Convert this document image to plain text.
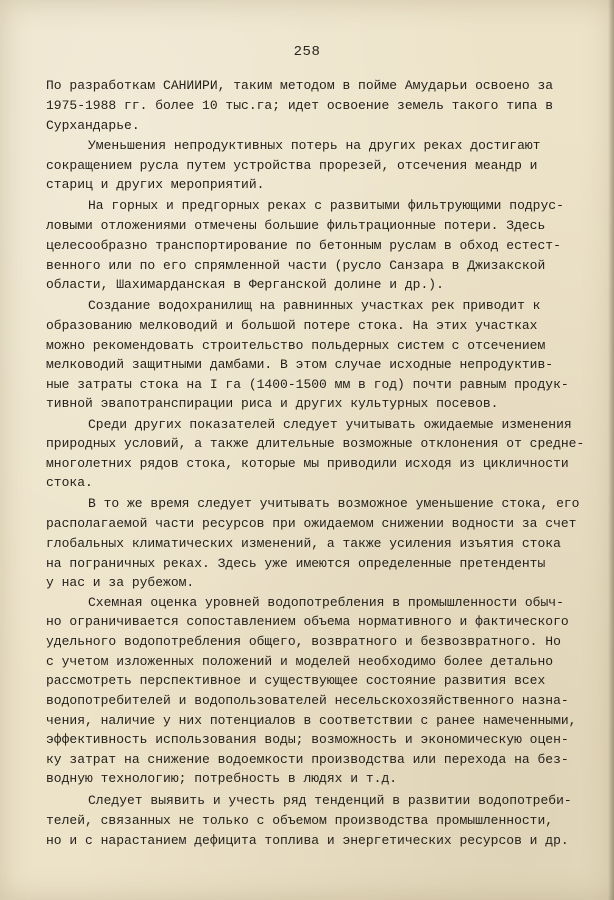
258
По разработкам САНИИРИ, таким методом в пойме Амударьи освоено за
1975-1988 гг. более 10 тыс.га; идет освоение земель такого типа в
Сурхандарье.
Уменьшения непродуктивных потерь на других реках достигают
сокращением русла путем устройства прорезей, отсечения меандр и
стариц и других мероприятий.
На горных и предгорных реках с развитыми фильтрующими подрус-
ловыми отложениями отмечены большие фильтрационные потери. Здесь
целесообразно транспортирование по бетонным руслам в обход естест-
венного или по его спрямленной части (русло Санзара в Джизакской
области, Шахимарданская в Ферганской долине и др.).
Создание водохранилищ на равнинных участках рек приводит к
образованию мелководий и большой потере стока. На этих участках
можно рекомендовать строительство польдерных систем с отсечением
мелководий защитными дамбами. В этом случае исходные непродуктив-
ные затраты стока на I га (1400-1500 мм в год) почти равным продук-
тивной эвапотранспирации риса и других культурных посевов.
Среди других показателей следует учитывать ожидаемые изменения
природных условий, а также длительные возможные отклонения от средне-
многолетних рядов стока, которые мы приводили исходя из цикличности
стока.
В то же время следует учитывать возможное уменьшение стока, его
располагаемой части ресурсов при ожидаемом снижении водности за счет
глобальных климатических изменений, а также усиления изъятия стока
на пограничных реках. Здесь уже имеются определенные претенденты
у нас и за рубежом.
Схемная оценка уровней водопотребления в промышленности обыч-
но ограничивается сопоставлением объема нормативного и фактического
удельного водопотребления общего, возвратного и безвозвратного. Но
с учетом изложенных положений и моделей необходимо более детально
рассмотреть перспективное и существующее состояние развития всех
водопотребителей и водопользователей несельскохозяйственного назна-
чения, наличие у них потенциалов в соответствии с ранее намеченными,
эффективность использования воды; возможность и экономическую оцен-
ку затрат на снижение водоемкости производства или перехода на без-
водную технологию; потребность в людях и т.д.
Следует выявить и учесть ряд тенденций в развитии водопотреби-
телей, связанных не только с объемом производства промышленности,
но и с нарастанием дефицита топлива и энергетических ресурсов и др.
